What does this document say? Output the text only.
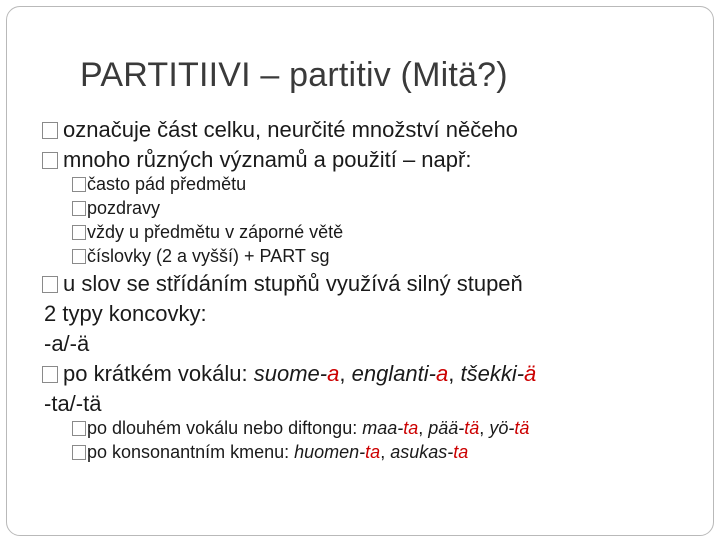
PARTITIIVI – partitiv (Mitä?)
označuje část celku, neurčité množství něčeho
mnoho různých významů a použití – např:
často pád předmětu
pozdravy
vždy u předmětu v záporné větě
číslovky (2 a vyšší) + PART sg
u slov se střídáním stupňů využívá silný stupeň
2 typy koncovky:
-a/-ä
po krátkém vokálu: suome-a, englanti-a, tšekki-ä
-ta/-tä
po dlouhém vokálu nebo diftongu: maa-ta, pää-tä, yö-tä
po konsonantním kmenu: huomen-ta, asukas-ta
